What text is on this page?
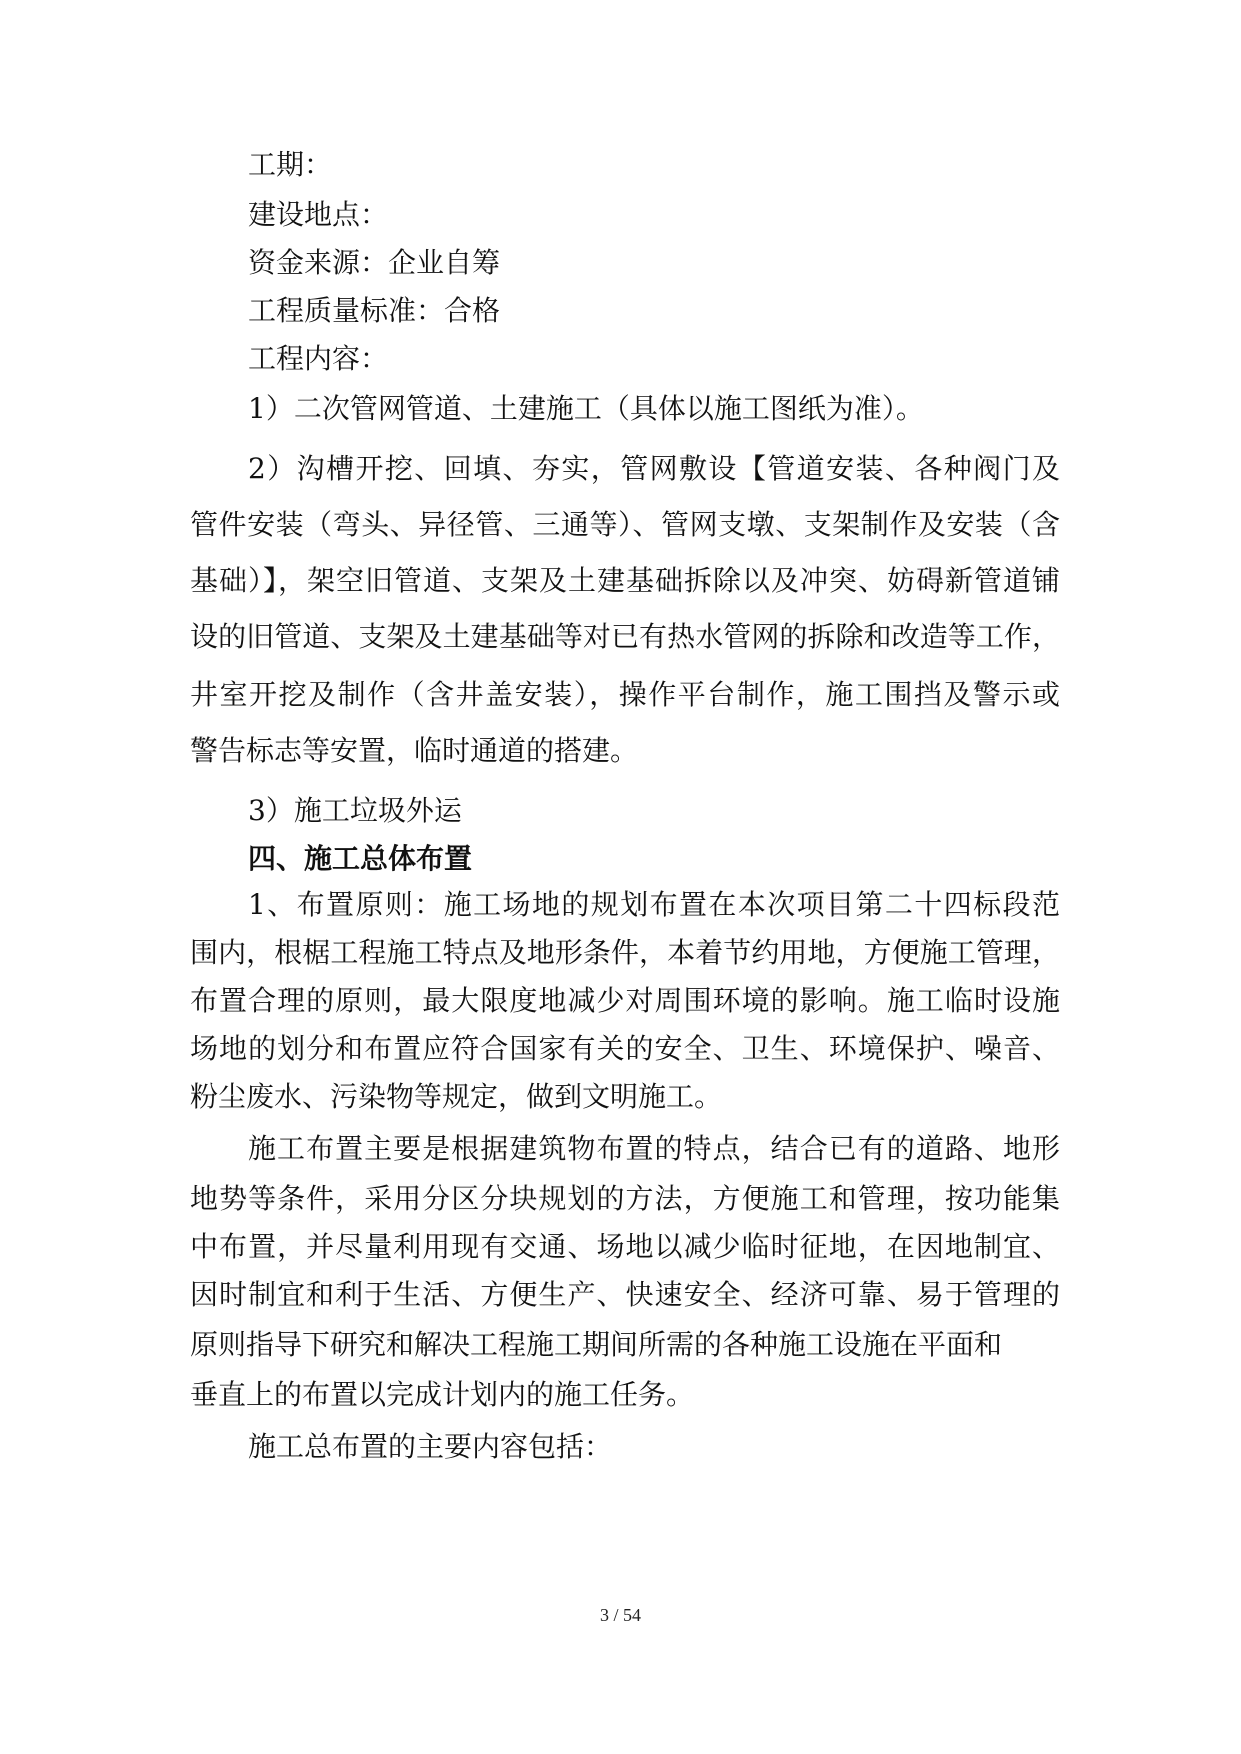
工期：
建设地点：
资金来源：企业自筹
工程质量标准：合格
工程内容：
1）二次管网管道、土建施工（具体以施工图纸为准）。
2）沟槽开挖、回填、夯实，管网敷设【管道安装、各种阀门及
管件安装（弯头、异径管、三通等）、管网支墩、支架制作及安装（含
基础）】，架空旧管道、支架及土建基础拆除以及冲突、妨碍新管道铺
设的旧管道、支架及土建基础等对已有热水管网的拆除和改造等工作，
井室开挖及制作（含井盖安装），操作平台制作，施工围挡及警示或
警告标志等安置，临时通道的搭建。
3）施工垃圾外运
四、施工总体布置
1、布置原则：施工场地的规划布置在本次项目第二十四标段范
围内，根椐工程施工特点及地形条件，本着节约用地，方便施工管理，
布置合理的原则，最大限度地减少对周围环境的影响。施工临时设施
场地的划分和布置应符合国家有关的安全、卫生、环境保护、噪音、
粉尘废水、污染物等规定，做到文明施工。
施工布置主要是根据建筑物布置的特点，结合已有的道路、地形
地势等条件，采用分区分块规划的方法，方便施工和管理，按功能集
中布置，并尽量利用现有交通、场地以减少临时征地，在因地制宜、
因时制宜和利于生活、方便生产、快速安全、经济可靠、易于管理的
原则指导下研究和解决工程施工期间所需的各种施工设施在平面和
垂直上的布置以完成计划内的施工任务。
施工总布置的主要内容包括：
3 / 54
